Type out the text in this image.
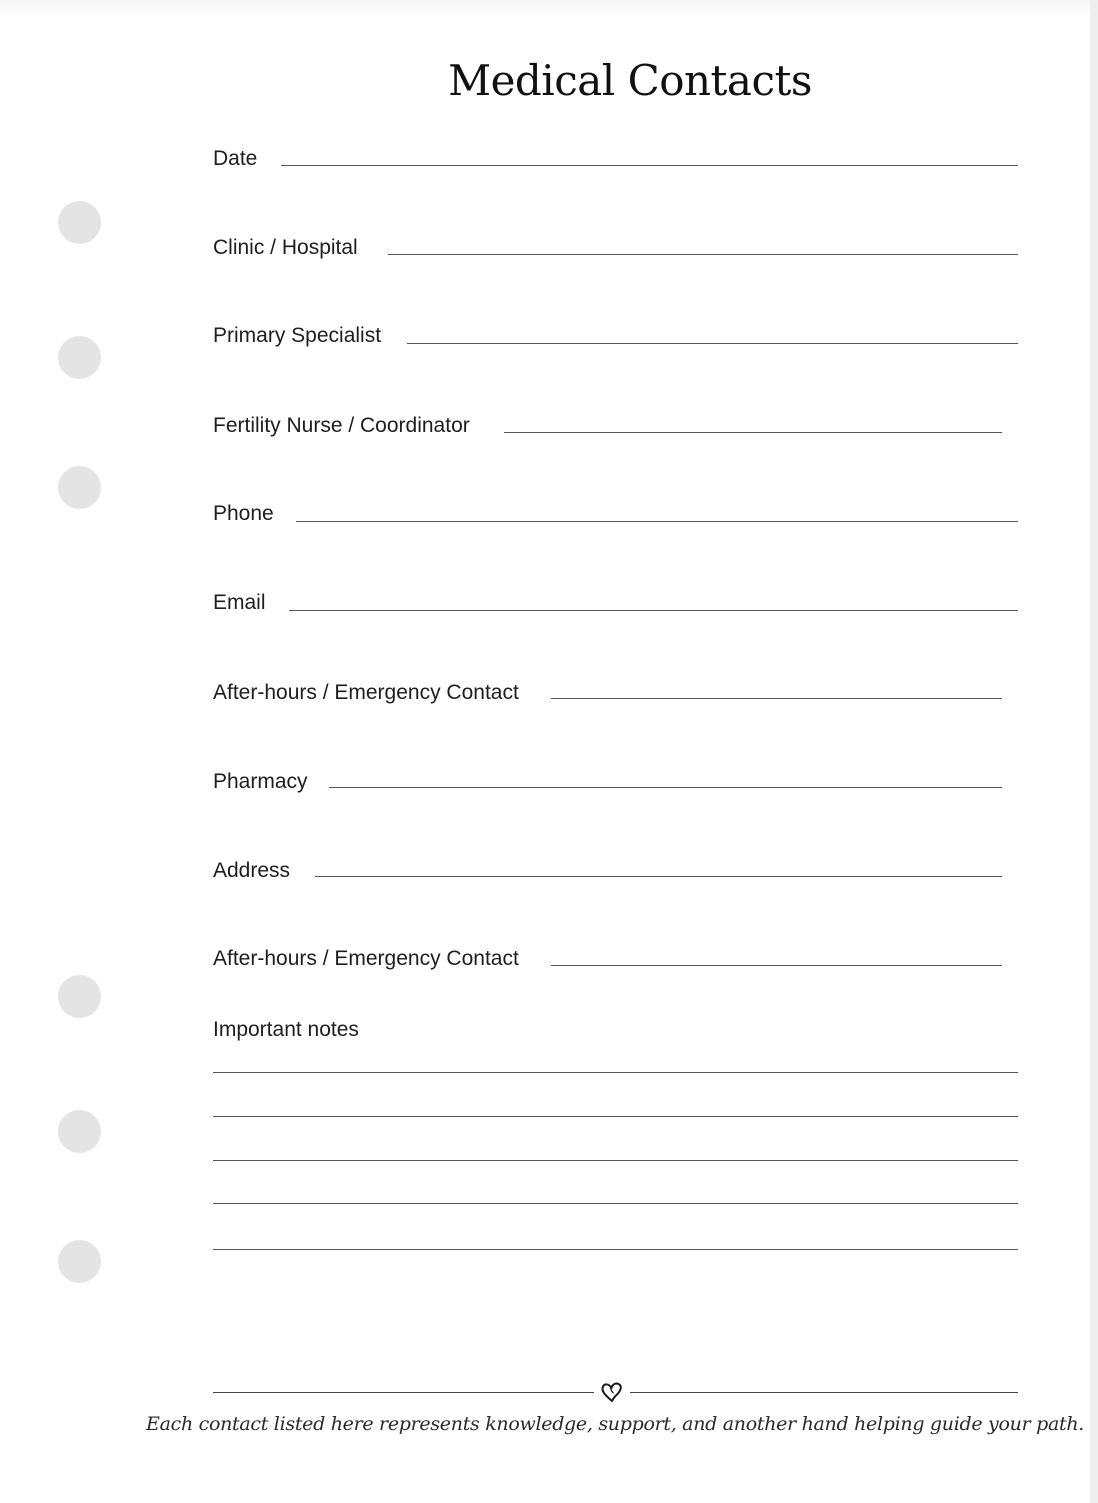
Medical Contacts
Date
Clinic / Hospital
Primary Specialist
Fertility Nurse / Coordinator
Phone
Email
After-hours / Emergency Contact
Pharmacy
Address
After-hours / Emergency Contact
Important notes
Each contact listed here represents knowledge, support, and another hand helping guide your path.
